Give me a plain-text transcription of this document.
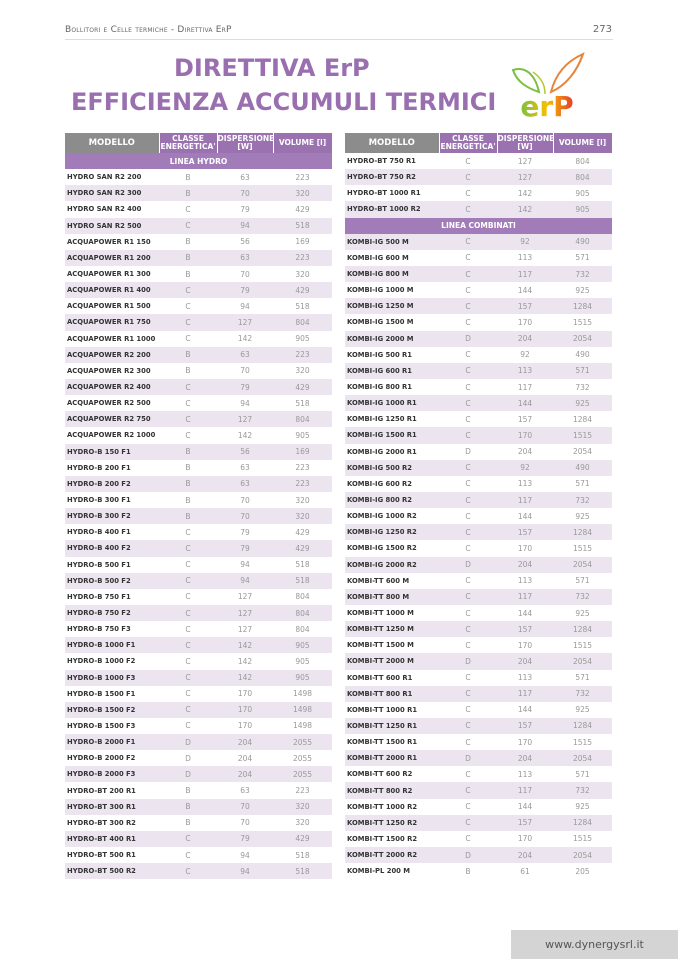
Bollitori e Celle termiche - Direttiva ErP	273
DIRETTIVA ErP
EFFICIENZA ACCUMULI TERMICI erP
MODELLO	CLASSE ENERGETICA'	DISPERSIONE [W]	VOLUME [l]
LINEA HYDRO			
HYDRO SAN R2 200	B	63	223
HYDRO SAN R2 300	B	70	320
HYDRO SAN R2 400	C	79	429
HYDRO SAN R2 500	C	94	518
ACQUAPOWER R1 150	B	56	169
ACQUAPOWER R1 200	B	63	223
ACQUAPOWER R1 300	B	70	320
ACQUAPOWER R1 400	C	79	429
ACQUAPOWER R1 500	C	94	518
ACQUAPOWER R1 750	C	127	804
ACQUAPOWER R1 1000	C	142	905
ACQUAPOWER R2 200	B	63	223
ACQUAPOWER R2 300	B	70	320
ACQUAPOWER R2 400	C	79	429
ACQUAPOWER R2 500	C	94	518
ACQUAPOWER R2 750	C	127	804
ACQUAPOWER R2 1000	C	142	905
HYDRO-B 150 F1	B	56	169
HYDRO-B 200 F1	B	63	223
HYDRO-B 200 F2	B	63	223
HYDRO-B 300 F1	B	70	320
HYDRO-B 300 F2	B	70	320
HYDRO-B 400 F1	C	79	429
HYDRO-B 400 F2	C	79	429
HYDRO-B 500 F1	C	94	518
HYDRO-B 500 F2	C	94	518
HYDRO-B 750 F1	C	127	804
HYDRO-B 750 F2	C	127	804
HYDRO-B 750 F3	C	127	804
HYDRO-B 1000 F1	C	142	905
HYDRO-B 1000 F2	C	142	905
HYDRO-B 1000 F3	C	142	905
HYDRO-B 1500 F1	C	170	1498
HYDRO-B 1500 F2	C	170	1498
HYDRO-B 1500 F3	C	170	1498
HYDRO-B 2000 F1	D	204	2055
HYDRO-B 2000 F2	D	204	2055
HYDRO-B 2000 F3	D	204	2055
HYDRO-BT 200 R1	B	63	223
HYDRO-BT 300 R1	B	70	320
HYDRO-BT 300 R2	B	70	320
HYDRO-BT 400 R1	C	79	429
HYDRO-BT 500 R1	C	94	518
HYDRO-BT 500 R2	C	94	518
MODELLO	CLASSE ENERGETICA'	DISPERSIONE [W]	VOLUME [l]
HYDRO-BT 750 R1	C	127	804
HYDRO-BT 750 R2	C	127	804
HYDRO-BT 1000 R1	C	142	905
HYDRO-BT 1000 R2	C	142	905
LINEA COMBINATI			
KOMBI-IG 500 M	C	92	490
KOMBI-IG 600 M	C	113	571
KOMBI-IG 800 M	C	117	732
KOMBI-IG 1000 M	C	144	925
KOMBI-IG 1250 M	C	157	1284
KOMBI-IG 1500 M	C	170	1515
KOMBI-IG 2000 M	D	204	2054
KOMBI-IG 500 R1	C	92	490
KOMBI-IG 600 R1	C	113	571
KOMBI-IG 800 R1	C	117	732
KOMBI-IG 1000 R1	C	144	925
KOMBI-IG 1250 R1	C	157	1284
KOMBI-IG 1500 R1	C	170	1515
KOMBI-IG 2000 R1	D	204	2054
KOMBI-IG 500 R2	C	92	490
KOMBI-IG 600 R2	C	113	571
KOMBI-IG 800 R2	C	117	732
KOMBI-IG 1000 R2	C	144	925
KOMBI-IG 1250 R2	C	157	1284
KOMBI-IG 1500 R2	C	170	1515
KOMBI-IG 2000 R2	D	204	2054
KOMBI-TT 600 M	C	113	571
KOMBI-TT 800 M	C	117	732
KOMBI-TT 1000 M	C	144	925
KOMBI-TT 1250 M	C	157	1284
KOMBI-TT 1500 M	C	170	1515
KOMBI-TT 2000 M	D	204	2054
KOMBI-TT 600 R1	C	113	571
KOMBI-TT 800 R1	C	117	732
KOMBI-TT 1000 R1	C	144	925
KOMBI-TT 1250 R1	C	157	1284
KOMBI-TT 1500 R1	C	170	1515
KOMBI-TT 2000 R1	D	204	2054
KOMBI-TT 600 R2	C	113	571
KOMBI-TT 800 R2	C	117	732
KOMBI-TT 1000 R2	C	144	925
KOMBI-TT 1250 R2	C	157	1284
KOMBI-TT 1500 R2	C	170	1515
KOMBI-TT 2000 R2	D	204	2054
KOMBI-PL 200 M	B	61	205
www.dynergysrl.it
